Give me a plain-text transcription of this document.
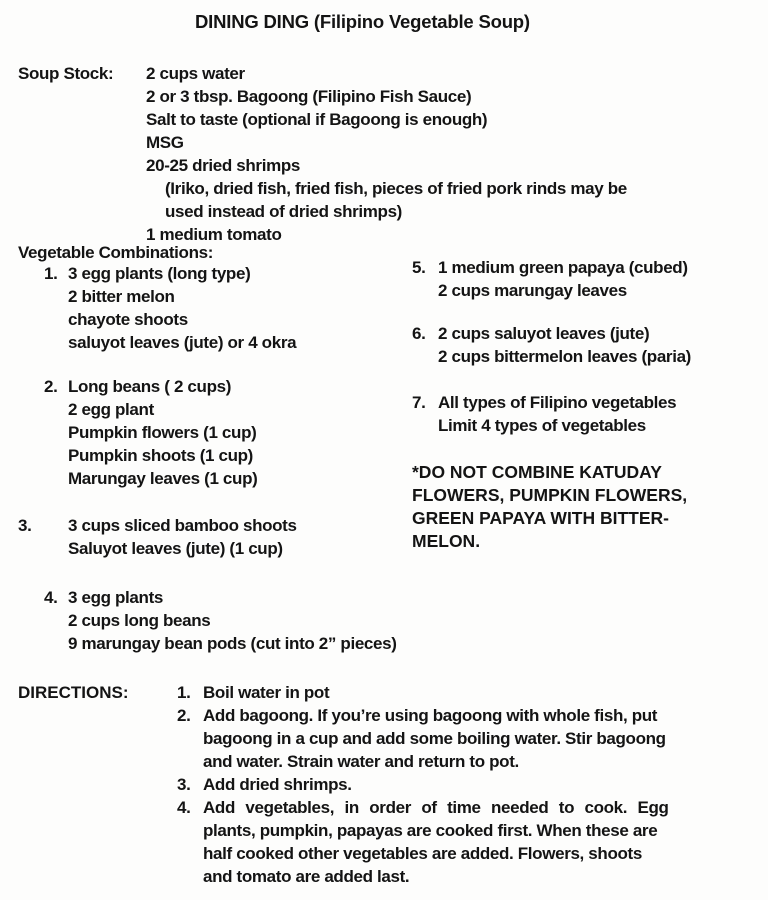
DINING DING (Filipino Vegetable Soup)
Soup Stock: 2 cups water
2 or 3 tbsp. Bagoong (Filipino Fish Sauce)
Salt to taste (optional if Bagoong is enough)
MSG
20-25 dried shrimps
(Iriko, dried fish, fried fish, pieces of fried pork rinds may be
used instead of dried shrimps)
1 medium tomato
Vegetable Combinations:
1. 3 egg plants (long type)
2 bitter melon
chayote shoots
saluyot leaves (jute) or 4 okra
2. Long beans ( 2 cups)
2 egg plant
Pumpkin flowers (1 cup)
Pumpkin shoots (1 cup)
Marungay leaves (1 cup)
3. 3 cups sliced bamboo shoots
Saluyot leaves (jute) (1 cup)
4. 3 egg plants
2 cups long beans
9 marungay bean pods (cut into 2” pieces)
5. 1 medium green papaya (cubed)
2 cups marungay leaves
6. 2 cups saluyot leaves (jute)
2 cups bittermelon leaves (paria)
7. All types of Filipino vegetables
Limit 4 types of vegetables
*DO NOT COMBINE KATUDAY
FLOWERS, PUMPKIN FLOWERS,
GREEN PAPAYA WITH BITTER-
MELON.
DIRECTIONS:	1. Boil water in pot
2. Add bagoong. If you’re using bagoong with whole fish, put
bagoong in a cup and add some boiling water. Stir bagoong
and water. Strain water and return to pot.
3. Add dried shrimps.
4. Add vegetables, in order of time needed to cook. Egg
plants, pumpkin, papayas are cooked first. When these are
half cooked other vegetables are added. Flowers, shoots
and tomato are added last.
